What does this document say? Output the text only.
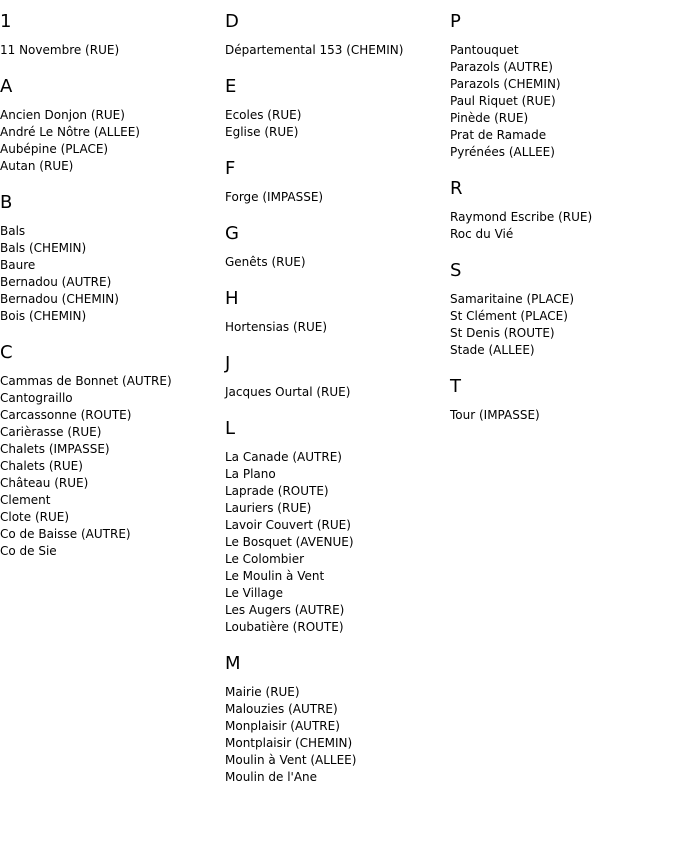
1
11 Novembre (RUE)
A
Ancien Donjon (RUE)
André Le Nôtre (ALLEE)
Aubépine (PLACE)
Autan (RUE)
B
Bals
Bals (CHEMIN)
Baure
Bernadou (AUTRE)
Bernadou (CHEMIN)
Bois (CHEMIN)
C
Cammas de Bonnet (AUTRE)
Cantograillo
Carcassonne (ROUTE)
Carièrasse (RUE)
Chalets (IMPASSE)
Chalets (RUE)
Château (RUE)
Clement
Clote (RUE)
Co de Baisse (AUTRE)
Co de Sie
D
Départemental 153 (CHEMIN)
E
Ecoles (RUE)
Eglise (RUE)
F
Forge (IMPASSE)
G
Genêts (RUE)
H
Hortensias (RUE)
J
Jacques Ourtal (RUE)
L
La Canade (AUTRE)
La Plano
Laprade (ROUTE)
Lauriers (RUE)
Lavoir Couvert (RUE)
Le Bosquet (AVENUE)
Le Colombier
Le Moulin à Vent
Le Village
Les Augers (AUTRE)
Loubatière (ROUTE)
M
Mairie (RUE)
Malouzies (AUTRE)
Monplaisir (AUTRE)
Montplaisir (CHEMIN)
Moulin à Vent (ALLEE)
Moulin de l'Ane
P
Pantouquet
Parazols (AUTRE)
Parazols (CHEMIN)
Paul Riquet (RUE)
Pinède (RUE)
Prat de Ramade
Pyrénées (ALLEE)
R
Raymond Escribe (RUE)
Roc du Vié
S
Samaritaine (PLACE)
St Clément (PLACE)
St Denis (ROUTE)
Stade (ALLEE)
T
Tour (IMPASSE)
